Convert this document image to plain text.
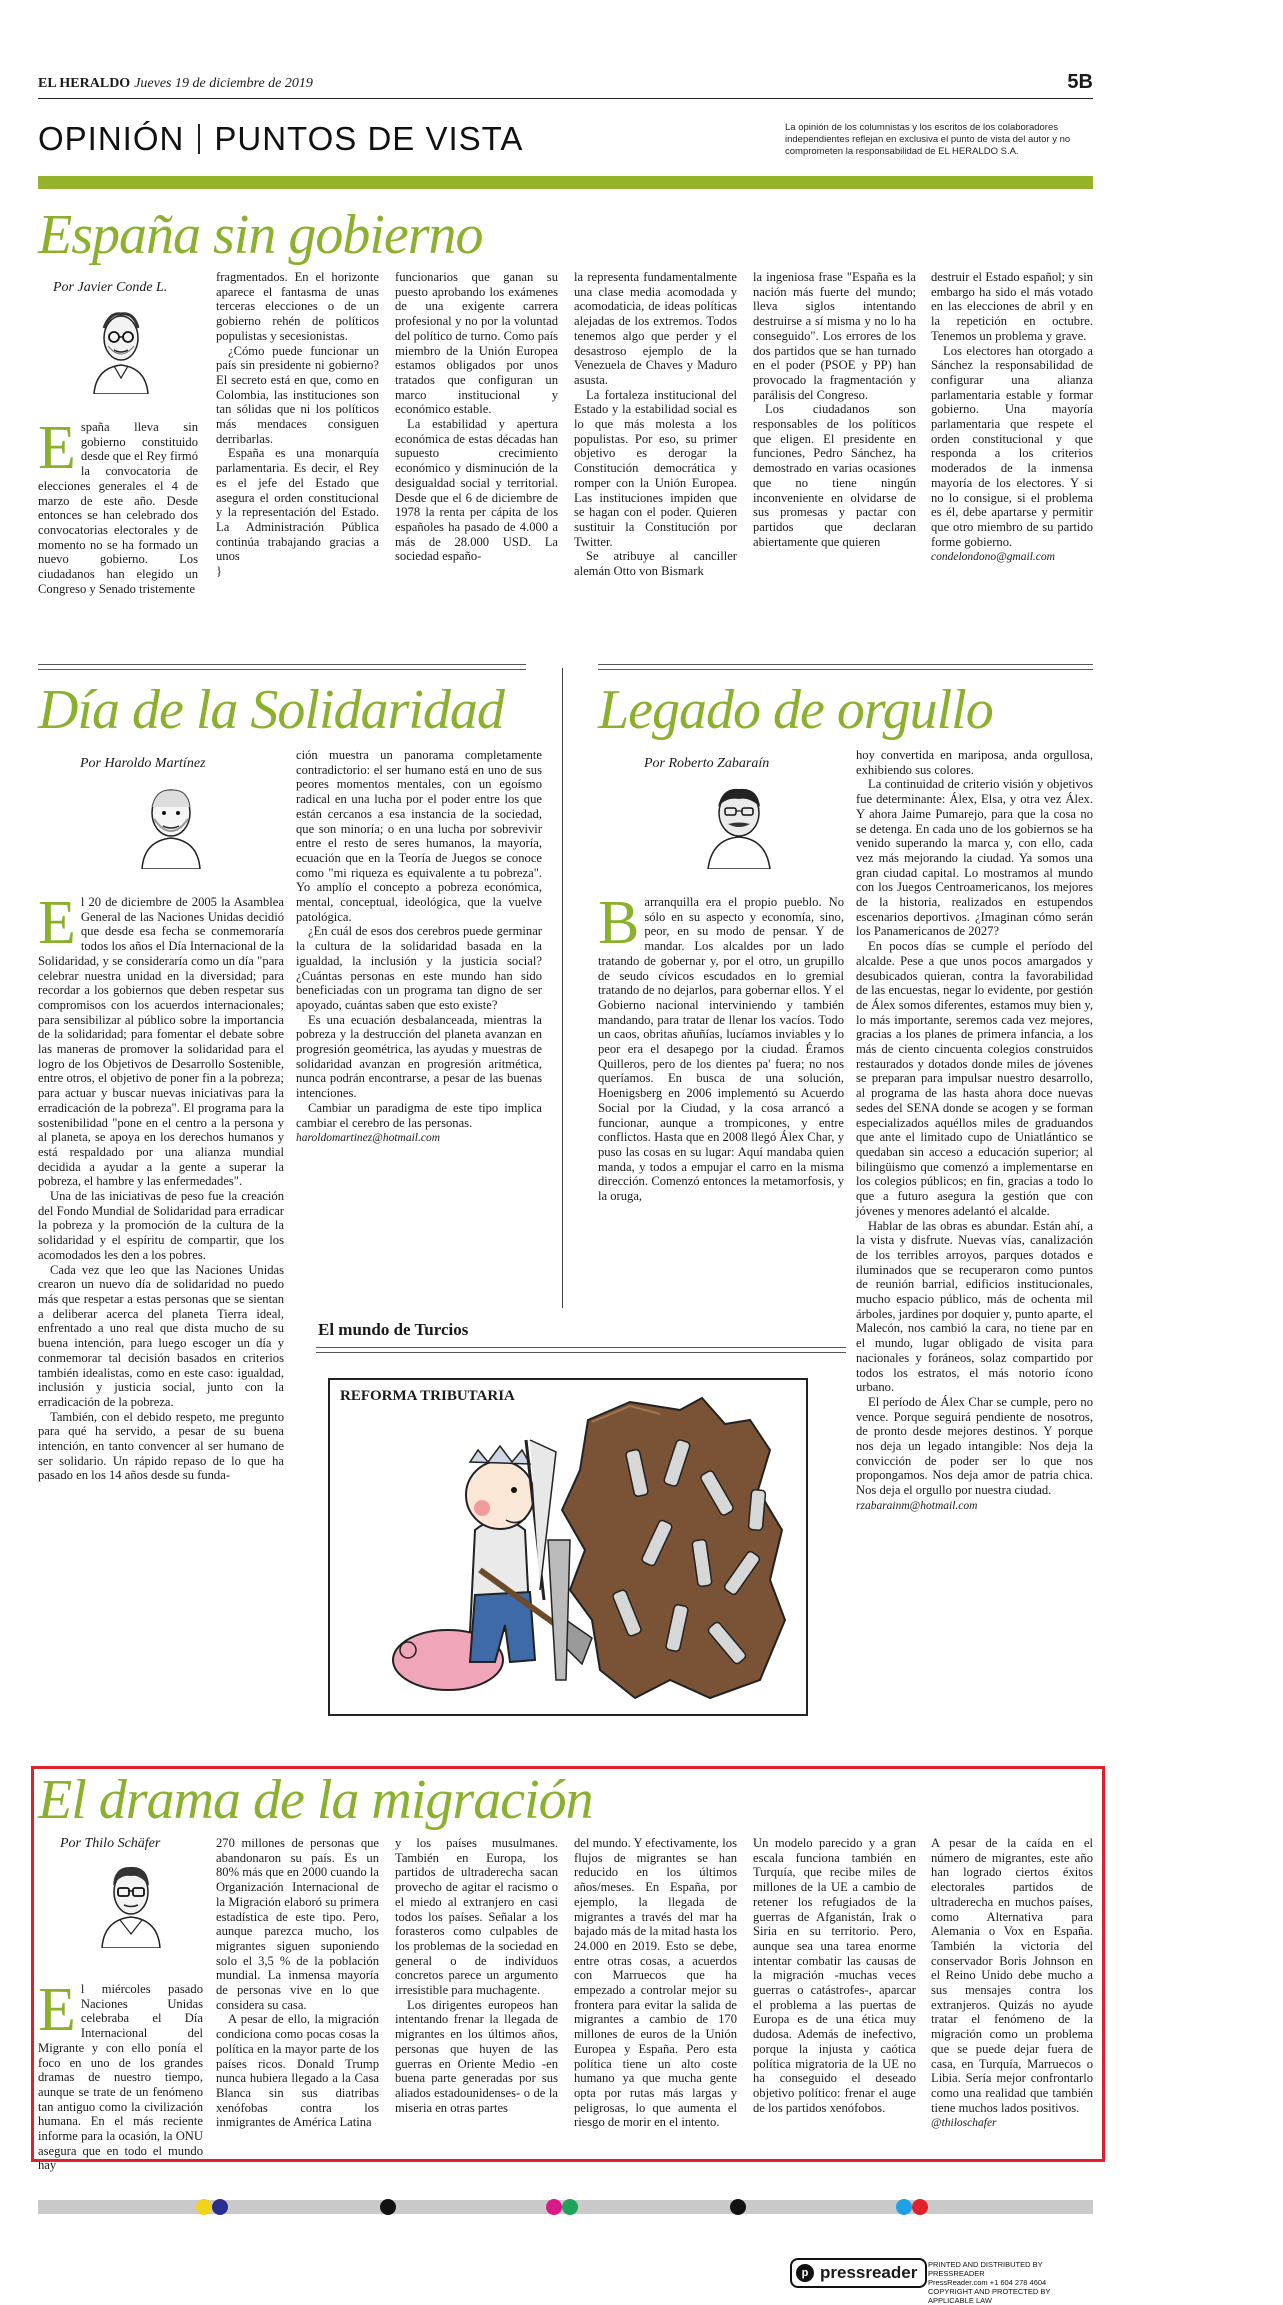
EL HERALDO Jueves 19 de diciembre de 2019	5B
OPINIÓN PUNTOS DE VISTA	La opinión de los columnistas y los escritos de los colaboradores independientes reflejan en exclusiva el punto de vista del autor y no comprometen la responsabilidad de EL HERALDO S.A.
España sin gobierno
Por Javier Conde L.

España lleva sin gobierno constituido desde que el Rey firmó la convocatoria de elecciones generales el 4 de marzo de este año. Desde entonces se han celebrado dos convocatorias electorales y de momento no se ha formado un nuevo gobierno. Los ciudadanos han elegido un Congreso y Senado tristemente

fragmentados. En el horizonte aparece el fantasma de unas terceras elecciones o de un gobierno rehén de políticos populistas y secesionistas.

¿Cómo puede funcionar un país sin presidente ni gobierno? El secreto está en que, como en Colombia, las instituciones son tan sólidas que ni los políticos más mendaces consiguen derribarlas.

España es una monarquía parlamentaria. Es decir, el Rey es el jefe del Estado que asegura el orden constitucional y la representación del Estado. La Administración Pública continúa trabajando gracias a unos

}

funcionarios que ganan su puesto aprobando los exámenes de una exigente carrera profesional y no por la voluntad del político de turno. Como país miembro de la Unión Europea estamos obligados por unos tratados que configuran un marco institucional y económico estable.

La estabilidad y apertura económica de estas décadas han supuesto crecimiento económico y disminución de la desigualdad social y territorial. Desde que el 6 de diciembre de 1978 la renta per cápita de los españoles ha pasado de 4.000 a más de 28.000 USD. La sociedad españo-

la representa fundamentalmente una clase media acomodada y acomodaticia, de ideas políticas alejadas de los extremos. Todos tenemos algo que perder y el desastroso ejemplo de la Venezuela de Chaves y Maduro asusta.

La fortaleza institucional del Estado y la estabilidad social es lo que más molesta a los populistas. Por eso, su primer objetivo es derogar la Constitución democrática y romper con la Unión Europea. Las instituciones impiden que se hagan con el poder. Quieren sustituir la Constitución por Twitter.

Se atribuye al canciller alemán Otto von Bismark

la ingeniosa frase "España es la nación más fuerte del mundo; lleva siglos intentando destruirse a sí misma y no lo ha conseguido". Los errores de los dos partidos que se han turnado en el poder (PSOE y PP) han provocado la fragmentación y parálisis del Congreso.

Los ciudadanos son responsables de los políticos que eligen. El presidente en funciones, Pedro Sánchez, ha demostrado en varias ocasiones que no tiene ningún inconveniente en olvidarse de sus promesas y pactar con partidos que declaran abiertamente que quieren

destruir el Estado español; y sin embargo ha sido el más votado en las elecciones de abril y en la repetición en octubre. Tenemos un problema y grave.

Los electores han otorgado a Sánchez la responsabilidad de configurar una alianza parlamentaria estable y formar gobierno. Una mayoría parlamentaria que respete el orden constitucional y que responda a los criterios moderados de la inmensa mayoría de los electores. Y si no lo consigue, si el problema es él, debe apartarse y permitir que otro miembro de su partido forme gobierno.

condelondono@gmail.com

Día de la Solidaridad
Por Haroldo Martínez

El 20 de diciembre de 2005 la Asamblea General de las Naciones Unidas decidió que desde esa fecha se conmemoraría todos los años el Día Internacional de la Solidaridad, y se consideraría como un día "para celebrar nuestra unidad en la diversidad; para recordar a los gobiernos que deben respetar sus compromisos con los acuerdos internacionales; para sensibilizar al público sobre la importancia de la solidaridad; para fomentar el debate sobre las maneras de promover la solidaridad para el logro de los Objetivos de Desarrollo Sostenible, entre otros, el objetivo de poner fin a la pobreza; para actuar y buscar nuevas iniciativas para la erradicación de la pobreza". El programa para la sostenibilidad "pone en el centro a la persona y al planeta, se apoya en los derechos humanos y está respaldado por una alianza mundial decidida a ayudar a la gente a superar la pobreza, el hambre y las enfermedades".

Una de las iniciativas de peso fue la creación del Fondo Mundial de Solidaridad para erradicar la pobreza y la promoción de la cultura de la solidaridad y el espíritu de compartir, que los acomodados les den a los pobres.

Cada vez que leo que las Naciones Unidas crearon un nuevo día de solidaridad no puedo más que respetar a estas personas que se sientan a deliberar acerca del planeta Tierra ideal, enfrentado a uno real que dista mucho de su buena intención, para luego escoger un día y conmemorar tal decisión basados en criterios también idealistas, como en este caso: igualdad, inclusión y justicia social, junto con la erradicación de la pobreza.

También, con el debido respeto, me pregunto para qué ha servido, a pesar de su buena intención, en tanto convencer al ser humano de ser solidario. Un rápido repaso de lo que ha pasado en los 14 años desde su funda-

ción muestra un panorama completamente contradictorio: el ser humano está en uno de sus peores momentos mentales, con un egoísmo radical en una lucha por el poder entre los que están cercanos a esa instancia de la sociedad, que son minoría; o en una lucha por sobrevivir entre el resto de seres humanos, la mayoría, ecuación que en la Teoría de Juegos se conoce como "mi riqueza es equivalente a tu pobreza". Yo amplío el concepto a pobreza económica, mental, conceptual, ideológica, que la vuelve patológica.

¿En cuál de esos dos cerebros puede germinar la cultura de la solidaridad basada en la igualdad, la inclusión y la justicia social? ¿Cuántas personas en este mundo han sido beneficiadas con un programa tan digno de ser apoyado, cuántas saben que esto existe?

Es una ecuación desbalanceada, mientras la pobreza y la destrucción del planeta avanzan en progresión geométrica, las ayudas y muestras de solidaridad avanzan en progresión aritmética, nunca podrán encontrarse, a pesar de las buenas intenciones.

Cambiar un paradigma de este tipo implica cambiar el cerebro de las personas.

haroldomartinez@hotmail.com

El mundo de Turcios
REFORMA TRIBUTARIA
Legado de orgullo
Por Roberto Zabaraín

Barranquilla era el propio pueblo. No sólo en su aspecto y economía, sino, peor, en su modo de pensar. Y de mandar. Los alcaldes por un lado tratando de gobernar y, por el otro, un grupillo de seudo cívicos escudados en lo gremial tratando de no dejarlos, para gobernar ellos. Y el Gobierno nacional interviniendo y también mandando, para tratar de llenar los vacíos. Todo un caos, obritas añuñías, lucíamos inviables y lo peor era el desapego por la ciudad. Éramos Quilleros, pero de los dientes pa' fuera; no nos queríamos. En busca de una solución, Hoenigsberg en 2006 implementó su Acuerdo Social por la Ciudad, y la cosa arrancó a funcionar, aunque a trompicones, y entre conflictos. Hasta que en 2008 llegó Álex Char, y puso las cosas en su lugar: Aquí mandaba quien manda, y todos a empujar el carro en la misma dirección. Comenzó entonces la metamorfosis, y la oruga,

hoy convertida en mariposa, anda orgullosa, exhibiendo sus colores.

La continuidad de criterio visión y objetivos fue determinante: Álex, Elsa, y otra vez Álex. Y ahora Jaime Pumarejo, para que la cosa no se detenga. En cada uno de los gobiernos se ha venido superando la marca y, con ello, cada vez más mejorando la ciudad. Ya somos una gran ciudad capital. Lo mostramos al mundo con los Juegos Centroamericanos, los mejores de la historia, realizados en estupendos escenarios deportivos. ¿Imaginan cómo serán los Panamericanos de 2027?

En pocos días se cumple el período del alcalde. Pese a que unos pocos amargados y desubicados quieran, contra la favorabilidad de las encuestas, negar lo evidente, por gestión de Álex somos diferentes, estamos muy bien y, lo más importante, seremos cada vez mejores, gracias a los planes de primera infancia, a los más de ciento cincuenta colegios construidos restaurados y dotados donde miles de jóvenes se preparan para impulsar nuestro desarrollo, al programa de las hasta ahora doce nuevas sedes del SENA donde se acogen y se forman especializados aquéllos miles de graduandos que ante el limitado cupo de Uniatlántico se quedaban sin acceso a educación superior; al bilingüismo que comenzó a implementarse en los colegios públicos; en fin, gracias a todo lo que a futuro asegura la gestión que con jóvenes y menores adelantó el alcalde.

Hablar de las obras es abundar. Están ahí, a la vista y disfrute. Nuevas vías, canalización de los terribles arroyos, parques dotados e iluminados que se recuperaron como puntos de reunión barrial, edificios institucionales, mucho espacio público, más de ochenta mil árboles, jardines por doquier y, punto aparte, el Malecón, nos cambió la cara, no tiene par en el mundo, lugar obligado de visita para nacionales y foráneos, solaz compartido por todos los estratos, el más notorio ícono urbano.

El período de Álex Char se cumple, pero no vence. Porque seguirá pendiente de nosotros, de pronto desde mejores destinos. Y porque nos deja un legado intangible: Nos deja la convicción de poder ser lo que nos propongamos. Nos deja amor de patria chica. Nos deja el orgullo por nuestra ciudad.

rzabarainm@hotmail.com

El drama de la migración
Por Thilo Schäfer

El miércoles pasado Naciones Unidas celebraba el Día Internacional del Migrante y con ello ponía el foco en uno de los grandes dramas de nuestro tiempo, aunque se trate de un fenómeno tan antiguo como la civilización humana. En el más reciente informe para la ocasión, la ONU asegura que en todo el mundo hay

270 millones de personas que abandonaron su país. Es un 80% más que en 2000 cuando la Organización Internacional de la Migración elaboró su primera estadística de este tipo. Pero, aunque parezca mucho, los migrantes siguen suponiendo solo el 3,5 % de la población mundial. La inmensa mayoría de personas vive en lo que considera su casa.

A pesar de ello, la migración condiciona como pocas cosas la política en la mayor parte de los países ricos. Donald Trump nunca hubiera llegado a la Casa Blanca sin sus diatribas xenófobas contra los inmigrantes de América Latina

y los países musulmanes. También en Europa, los partidos de ultraderecha sacan provecho de agitar el racismo o el miedo al extranjero en casi todos los países. Señalar a los forasteros como culpables de los problemas de la sociedad en general o de individuos concretos parece un argumento irresistible para muchagente.

Los dirigentes europeos han intentando frenar la llegada de migrantes en los últimos años, personas que huyen de las guerras en Oriente Medio -en buena parte generadas por sus aliados estadounidenses- o de la miseria en otras partes

del mundo. Y efectivamente, los flujos de migrantes se han reducido en los últimos años/meses. En España, por ejemplo, la llegada de migrantes a través del mar ha bajado más de la mitad hasta los 24.000 en 2019. Esto se debe, entre otras cosas, a acuerdos con Marruecos que ha empezado a controlar mejor su frontera para evitar la salida de migrantes a cambio de 170 millones de euros de la Unión Europea y España. Pero esta política tiene un alto coste humano ya que mucha gente opta por rutas más largas y peligrosas, lo que aumenta el riesgo de morir en el intento.

Un modelo parecido y a gran escala funciona también en Turquía, que recibe miles de millones de la UE a cambio de retener los refugiados de la guerras de Afganistán, Irak o Siria en su territorio. Pero, aunque sea una tarea enorme intentar combatir las causas de la migración -muchas veces guerras o catástrofes-, aparcar el problema a las puertas de Europa es de una ética muy dudosa. Además de inefectivo, porque la injusta y caótica política migratoria de la UE no ha conseguido el deseado objetivo político: frenar el auge de los partidos xenófobos.

A pesar de la caída en el número de migrantes, este año han logrado ciertos éxitos electorales partidos de ultraderecha en muchos países, como Alternativa para Alemania o Vox en España. También la victoria del conservador Boris Johnson en el Reino Unido debe mucho a sus mensajes contra los extranjeros. Quizás no ayude tratar el fenómeno de la migración como un problema que se puede dejar fuera de casa, en Turquía, Marruecos o Libia. Sería mejor confrontarlo como una realidad que también tiene muchos lados positivos.

@thiloschafer

p pressreader PRINTED AND DISTRIBUTED BY PRESSREADER
PressReader.com +1 604 278 4604
COPYRIGHT AND PROTECTED BY APPLICABLE LAW
